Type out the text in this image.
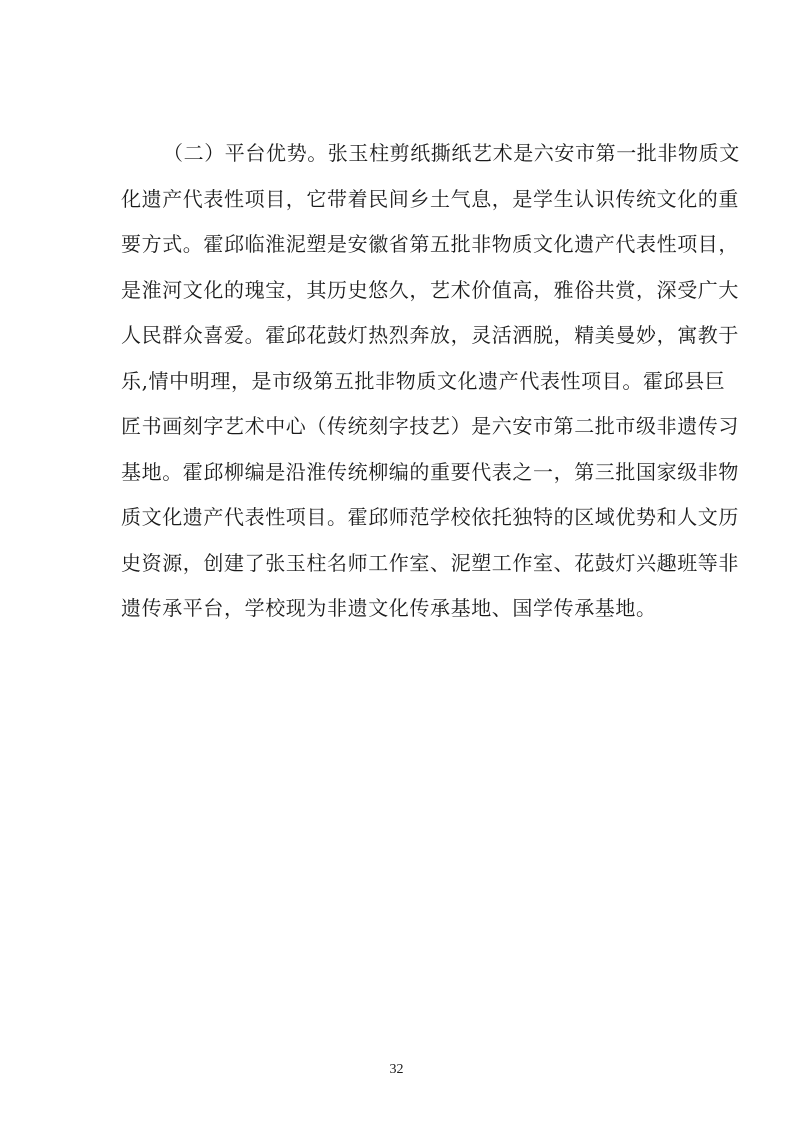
（二）平台优势。张玉柱剪纸撕纸艺术是六安市第一批非物质文
化遗产代表性项目，它带着民间乡土气息，是学生认识传统文化的重
要方式。霍邱临淮泥塑是安徽省第五批非物质文化遗产代表性项目，
是淮河文化的瑰宝，其历史悠久，艺术价值高，雅俗共赏，深受广大
人民群众喜爱。霍邱花鼓灯热烈奔放，灵活洒脱，精美曼妙，寓教于
乐,情中明理，是市级第五批非物质文化遗产代表性项目。霍邱县巨
匠书画刻字艺术中心（传统刻字技艺）是六安市第二批市级非遗传习
基地。霍邱柳编是沿淮传统柳编的重要代表之一，第三批国家级非物
质文化遗产代表性项目。霍邱师范学校依托独特的区域优势和人文历
史资源，创建了张玉柱名师工作室、泥塑工作室、花鼓灯兴趣班等非
遗传承平台，学校现为非遗文化传承基地、国学传承基地。
32
